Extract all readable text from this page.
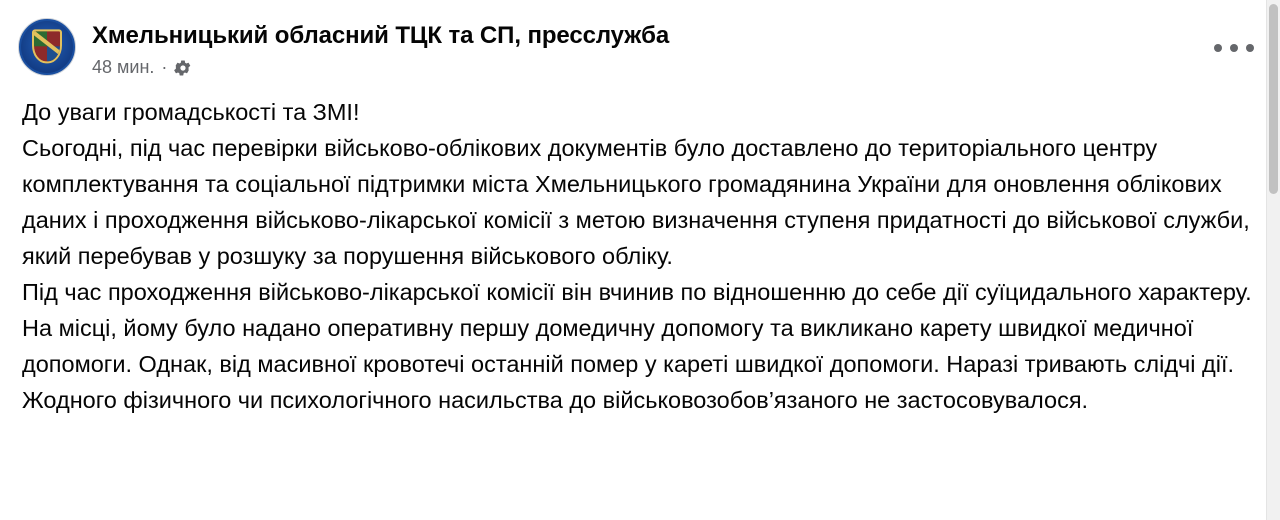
Хмельницький обласний ТЦК та СП, пресслужба
48 мин. ·

До уваги громадськості та ЗМІ!

Сьогодні, під час перевірки військово-облікових документів було доставлено до територіального центру комплектування та соціальної підтримки міста Хмельницького громадянина України для оновлення облікових даних і проходження військово-лікарської комісії з метою визначення ступеня придатності до військової служби, який перебував у розшуку за порушення військового обліку.

Під час проходження військово-лікарської комісії він вчинив по відношенню до себе дії суїцидального характеру. На місці, йому було надано оперативну першу домедичну допомогу та викликано карету швидкої медичної допомоги. Однак, від масивної кровотечі останній помер у кареті швидкої допомоги. Наразі тривають слідчі дії. Жодного фізичного чи психологічного насильства до військовозобов’язаного не застосовувалося.
